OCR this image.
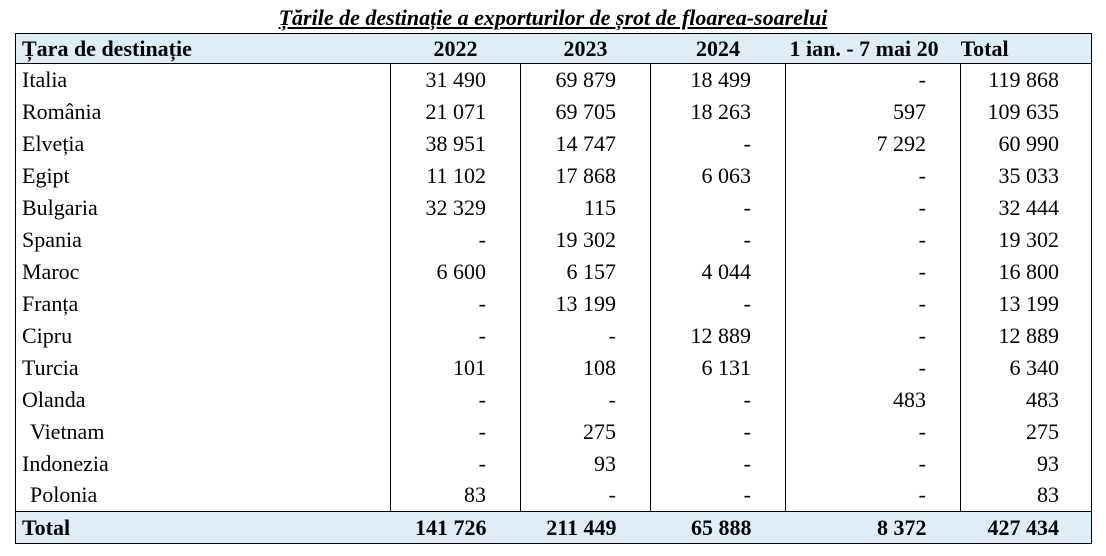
Țările de destinație a exporturilor de șrot de floarea-soarelui
Țara de destinație	2022	2023	2024	1 ian. - 7 mai 20	Total
Italia	31 490	69 879	18 499	-	119 868
România	21 071	69 705	18 263	597	109 635
Elveția	38 951	14 747	-	7 292	60 990
Egipt	11 102	17 868	6 063	-	35 033
Bulgaria	32 329	115	-	-	32 444
Spania	-	19 302	-	-	19 302
Maroc	6 600	6 157	4 044	-	16 800
Franța	-	13 199	-	-	13 199
Cipru	-	-	12 889	-	12 889
Turcia	101	108	6 131	-	6 340
Olanda	-	-	-	483	483
Vietnam	-	275	-	-	275
Indonezia	-	93	-	-	93
Polonia	83	-	-	-	83
Total	141 726	211 449	65 888	8 372	427 434
